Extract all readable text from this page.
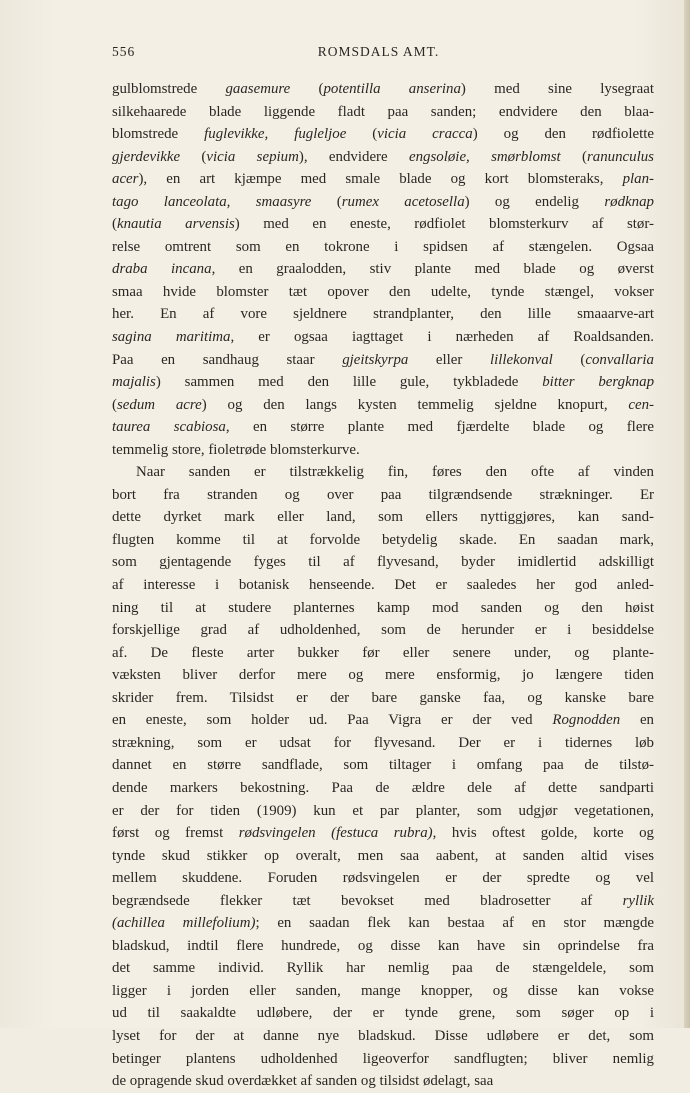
556	ROMSDALS AMT.
gulblomstrede gaasemure (potentilla anserina) med sine lysegraat
silkehaarede blade liggende fladt paa sanden; endvidere den blaa-
blomstrede fuglevikke, fugleljoe (vicia cracca) og den rødfiolette
gjerdevikke (vicia sepium), endvidere engsoløie, smørblomst (ranunculus
acer), en art kjæmpe med smale blade og kort blomsteraks, plan-
tago lanceolata, smaasyre (rumex acetosella) og endelig rødknap
(knautia arvensis) med en eneste, rødfiolet blomsterkurv af stør-
relse omtrent som en tokrone i spidsen af stængelen. Ogsaa
draba incana, en graalodden, stiv plante med blade og øverst
smaa hvide blomster tæt opover den udelte, tynde stængel, vokser
her. En af vore sjeldnere strandplanter, den lille smaaarve-art
sagina maritima, er ogsaa iagttaget i nærheden af Roaldsanden.
Paa en sandhaug staar gjeitskyrpa eller lillekonval (convallaria
majalis) sammen med den lille gule, tykbladede bitter bergknap
(sedum acre) og den langs kysten temmelig sjeldne knopurt, cen-
taurea scabiosa, en større plante med fjærdelte blade og flere
temmelig store, fioletrøde blomsterkurve.
Naar sanden er tilstrækkelig fin, føres den ofte af vinden
bort fra stranden og over paa tilgrændsende strækninger. Er
dette dyrket mark eller land, som ellers nyttiggjøres, kan sand-
flugten komme til at forvolde betydelig skade. En saadan mark,
som gjentagende fyges til af flyvesand, byder imidlertid adskilligt
af interesse i botanisk henseende. Det er saaledes her god anled-
ning til at studere planternes kamp mod sanden og den høist
forskjellige grad af udholdenhed, som de herunder er i besiddelse
af. De fleste arter bukker før eller senere under, og plante-
væksten bliver derfor mere og mere ensformig, jo længere tiden
skrider frem. Tilsidst er der bare ganske faa, og kanske bare
en eneste, som holder ud. Paa Vigra er der ved Rognodden en
strækning, som er udsat for flyvesand. Der er i tidernes løb
dannet en større sandflade, som tiltager i omfang paa de tilstø-
dende markers bekostning. Paa de ældre dele af dette sandparti
er der for tiden (1909) kun et par planter, som udgjør vegetationen,
først og fremst rødsvingelen (festuca rubra), hvis oftest golde, korte og
tynde skud stikker op overalt, men saa aabent, at sanden altid vises
mellem skuddene. Foruden rødsvingelen er der spredte og vel
begrændsede flekker tæt bevokset med bladrosetter af ryllik
(achillea millefolium); en saadan flek kan bestaa af en stor mængde
bladskud, indtil flere hundrede, og disse kan have sin oprindelse fra
det samme individ. Ryllik har nemlig paa de stængeldele, som
ligger i jorden eller sanden, mange knopper, og disse kan vokse
ud til saakaldte udløbere, der er tynde grene, som søger op i
lyset for der at danne nye bladskud. Disse udløbere er det, som
betinger plantens udholdenhed ligeoverfor sandflugten; bliver nemlig
de opragende skud overdækket af sanden og tilsidst ødelagt, saa
